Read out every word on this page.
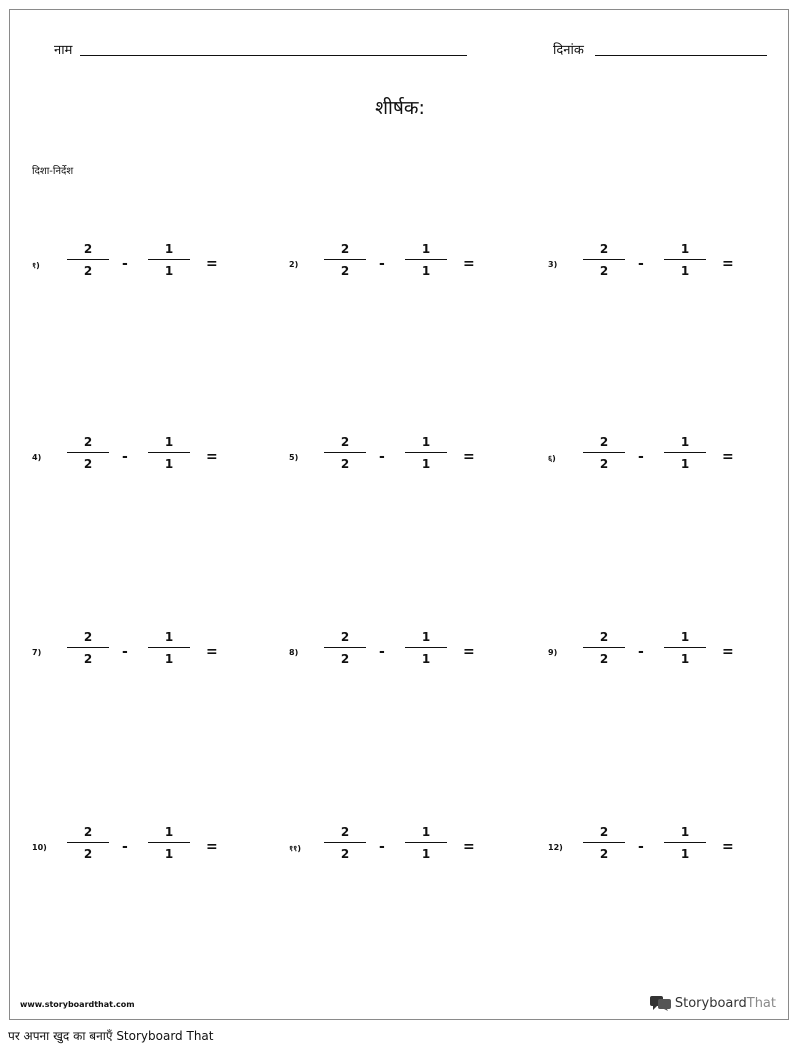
नाम	दिनांक
शीर्षक:
दिशा-निर्देश
१)
2
2	-
1
1	=	2)
2
2	-
1
1	=	3)
2
2	-
1
1	=
4)
2
2	-
1
1	=	5)
2
2	-
1
1	=	६)
2
2	-
1
1	=
7)
2
2	-
1
1	=	8)
2
2	-
1
1	=	9)
2
2	-
1
1	=
10)
2
2	-
1
1	=	११)
2
2	-
1
1	=	12)
2
2	-
1
1	=
www.storyboardthat.com	StoryboardThat
पर अपना खुद का बनाएँ Storyboard That
